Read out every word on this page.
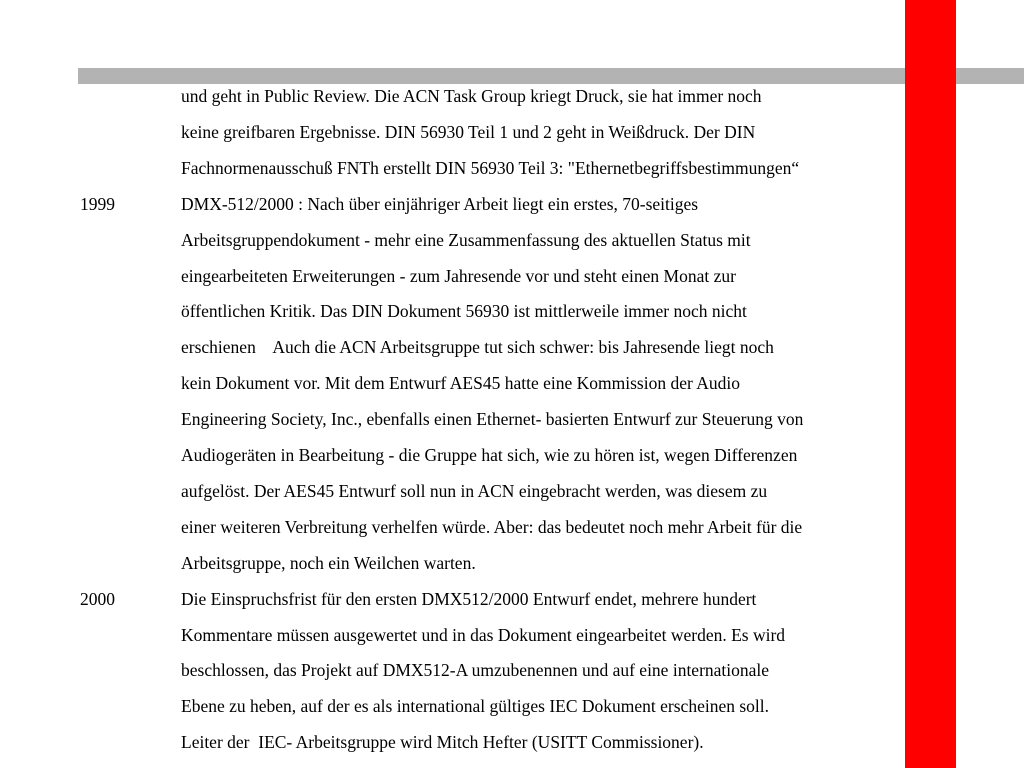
und geht in Public Review. Die ACN Task Group kriegt Druck, sie hat immer noch
keine greifbaren Ergebnisse. DIN 56930 Teil 1 und 2 geht in Weißdruck. Der DIN
Fachnormenausschuß FNTh erstellt DIN 56930 Teil 3: "Ethernetbegriffsbestimmungen“
1999	DMX-512/2000 : Nach über einjähriger Arbeit liegt ein erstes, 70-seitiges
Arbeitsgruppendokument - mehr eine Zusammenfassung des aktuellen Status mit
eingearbeiteten Erweiterungen - zum Jahresende vor und steht einen Monat zur
öffentlichen Kritik. Das DIN Dokument 56930 ist mittlerweile immer noch nicht
erschienen    Auch die ACN Arbeitsgruppe tut sich schwer: bis Jahresende liegt noch
kein Dokument vor. Mit dem Entwurf AES45 hatte eine Kommission der Audio
Engineering Society, Inc., ebenfalls einen Ethernet- basierten Entwurf zur Steuerung von
Audiogeräten in Bearbeitung - die Gruppe hat sich, wie zu hören ist, wegen Differenzen
aufgelöst. Der AES45 Entwurf soll nun in ACN eingebracht werden, was diesem zu
einer weiteren Verbreitung verhelfen würde. Aber: das bedeutet noch mehr Arbeit für die
Arbeitsgruppe, noch ein Weilchen warten.
2000	Die Einspruchsfrist für den ersten DMX512/2000 Entwurf endet, mehrere hundert
Kommentare müssen ausgewertet und in das Dokument eingearbeitet werden. Es wird
beschlossen, das Projekt auf DMX512-A umzubenennen und auf eine internationale
Ebene zu heben, auf der es als international gültiges IEC Dokument erscheinen soll.
Leiter der  IEC- Arbeitsgruppe wird Mitch Hefter (USITT Commissioner).
